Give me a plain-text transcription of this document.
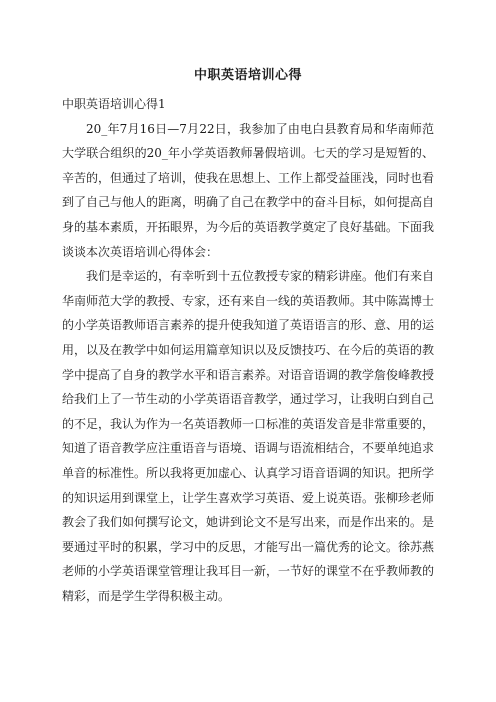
中职英语培训心得

中职英语培训心得1

20_年7月16日—7月22日，我参加了由电白县教育局和华南师范大学联合组织的20_年小学英语教师暑假培训。七天的学习是短暂的、辛苦的，但通过了培训，使我在思想上、工作上都受益匪浅，同时也看到了自己与他人的距离，明确了自己在教学中的奋斗目标，如何提高自身的基本素质，开拓眼界，为今后的英语教学奠定了良好基础。下面我谈谈本次英语培训心得体会：

我们是幸运的，有幸听到十五位教授专家的精彩讲座。他们有来自华南师范大学的教授、专家，还有来自一线的英语教师。其中陈嵩博士的小学英语教师语言素养的提升使我知道了英语语言的形、意、用的运用，以及在教学中如何运用篇章知识以及反馈技巧、在今后的英语的教学中提高了自身的教学水平和语言素养。对语音语调的教学詹俊峰教授给我们上了一节生动的小学英语语音教学，通过学习，让我明白到自己的不足，我认为作为一名英语教师一口标准的英语发音是非常重要的，知道了语音教学应注重语音与语境、语调与语流相结合，不要单纯追求单音的标准性。所以我将更加虚心、认真学习语音语调的知识。把所学的知识运用到课堂上，让学生喜欢学习英语、爱上说英语。张柳珍老师教会了我们如何撰写论文，她讲到论文不是写出来，而是作出来的。是要通过平时的积累，学习中的反思，才能写出一篇优秀的论文。徐苏燕老师的小学英语课堂管理让我耳目一新，一节好的课堂不在乎教师教的精彩，而是学生学得积极主动。
